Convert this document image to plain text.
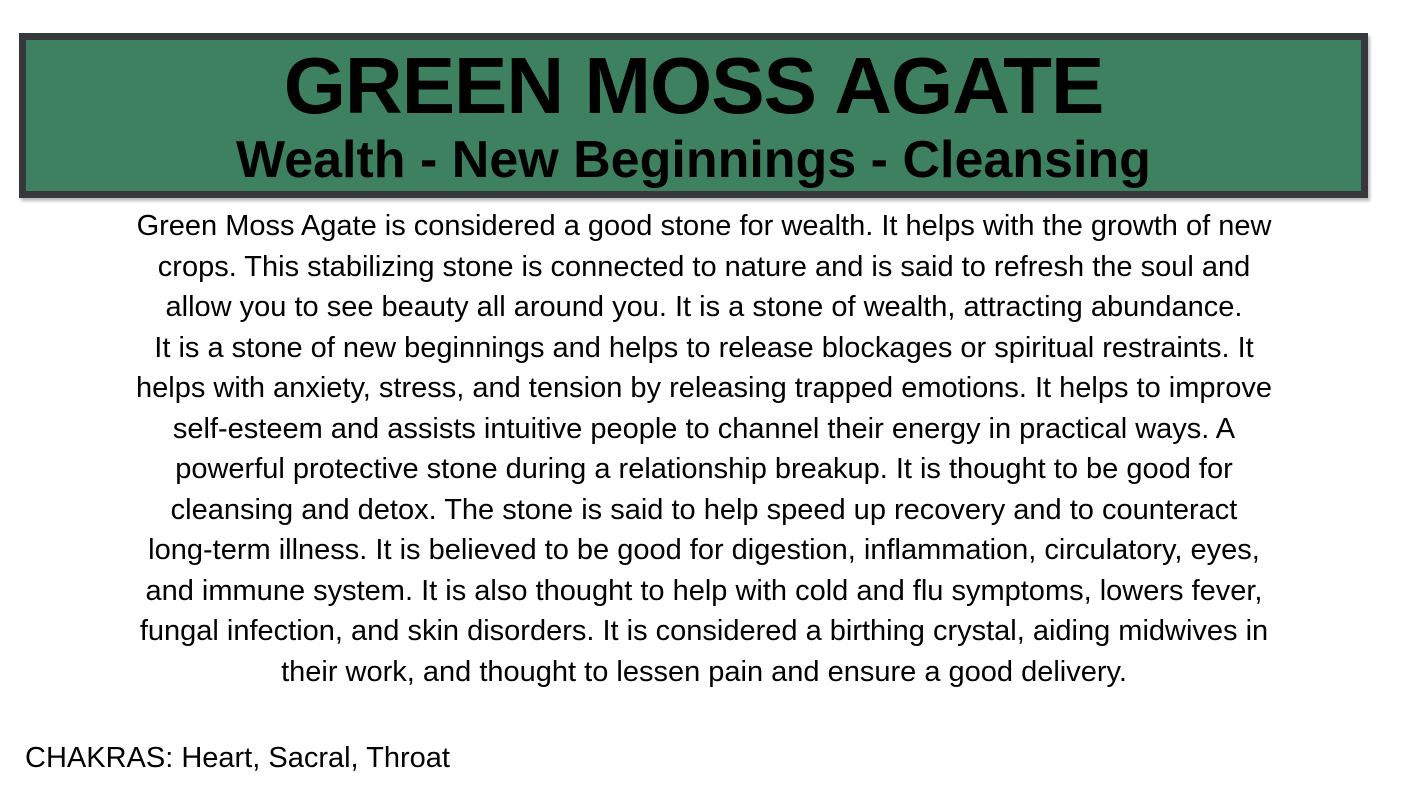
GREEN MOSS AGATE
Wealth - New Beginnings - Cleansing
Green Moss Agate is considered a good stone for wealth. It helps with the growth of new
crops. This stabilizing stone is connected to nature and is said to refresh the soul and
allow you to see beauty all around you. It is a stone of wealth, attracting abundance.
It is a stone of new beginnings and helps to release blockages or spiritual restraints. It
helps with anxiety, stress, and tension by releasing trapped emotions. It helps to improve
self-esteem and assists intuitive people to channel their energy in practical ways. A
powerful protective stone during a relationship breakup. It is thought to be good for
cleansing and detox. The stone is said to help speed up recovery and to counteract
long-term illness. It is believed to be good for digestion, inflammation, circulatory, eyes,
and immune system. It is also thought to help with cold and flu symptoms, lowers fever,
fungal infection, and skin disorders. It is considered a birthing crystal, aiding midwives in
their work, and thought to lessen pain and ensure a good delivery.
CHAKRAS: Heart, Sacral, Throat
